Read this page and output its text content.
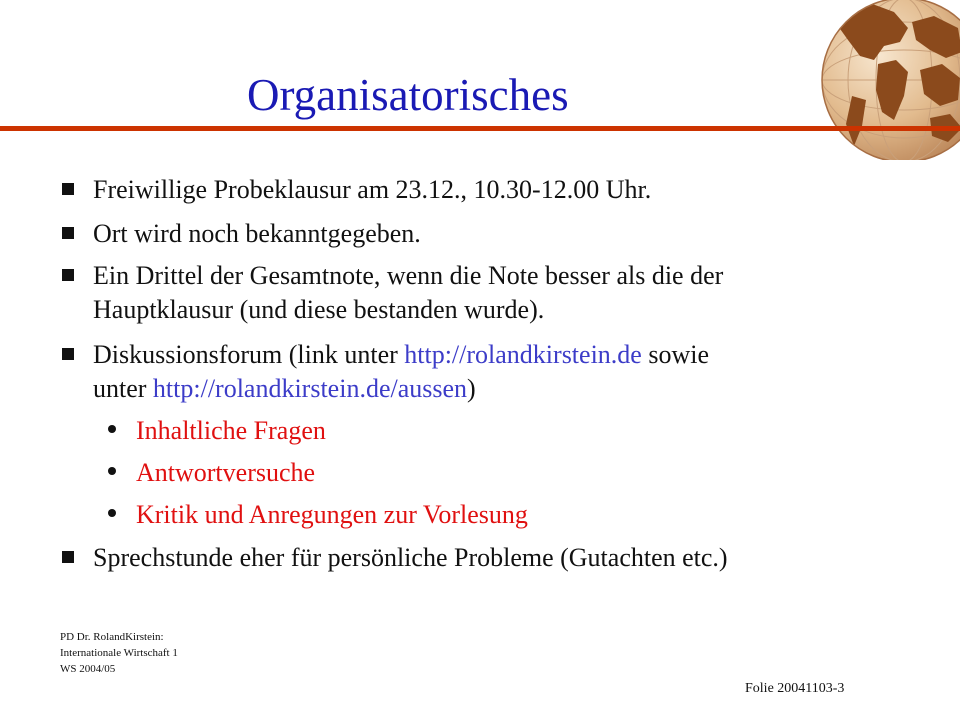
Organisatorisches
Freiwillige Probeklausur am 23.12., 10.30-12.00 Uhr.
Ort wird noch bekanntgegeben.
Ein Drittel der Gesamtnote, wenn die Note besser als die der
Hauptklausur (und diese bestanden wurde).
Diskussionsforum (link unter http://rolandkirstein.de sowie
unter http://rolandkirstein.de/aussen)
Inhaltliche Fragen
Antwortversuche
Kritik und Anregungen zur Vorlesung
Sprechstunde eher für persönliche Probleme (Gutachten etc.)
PD Dr. RolandKirstein:
Internationale Wirtschaft 1
WS 2004/05
Folie 20041103-3
